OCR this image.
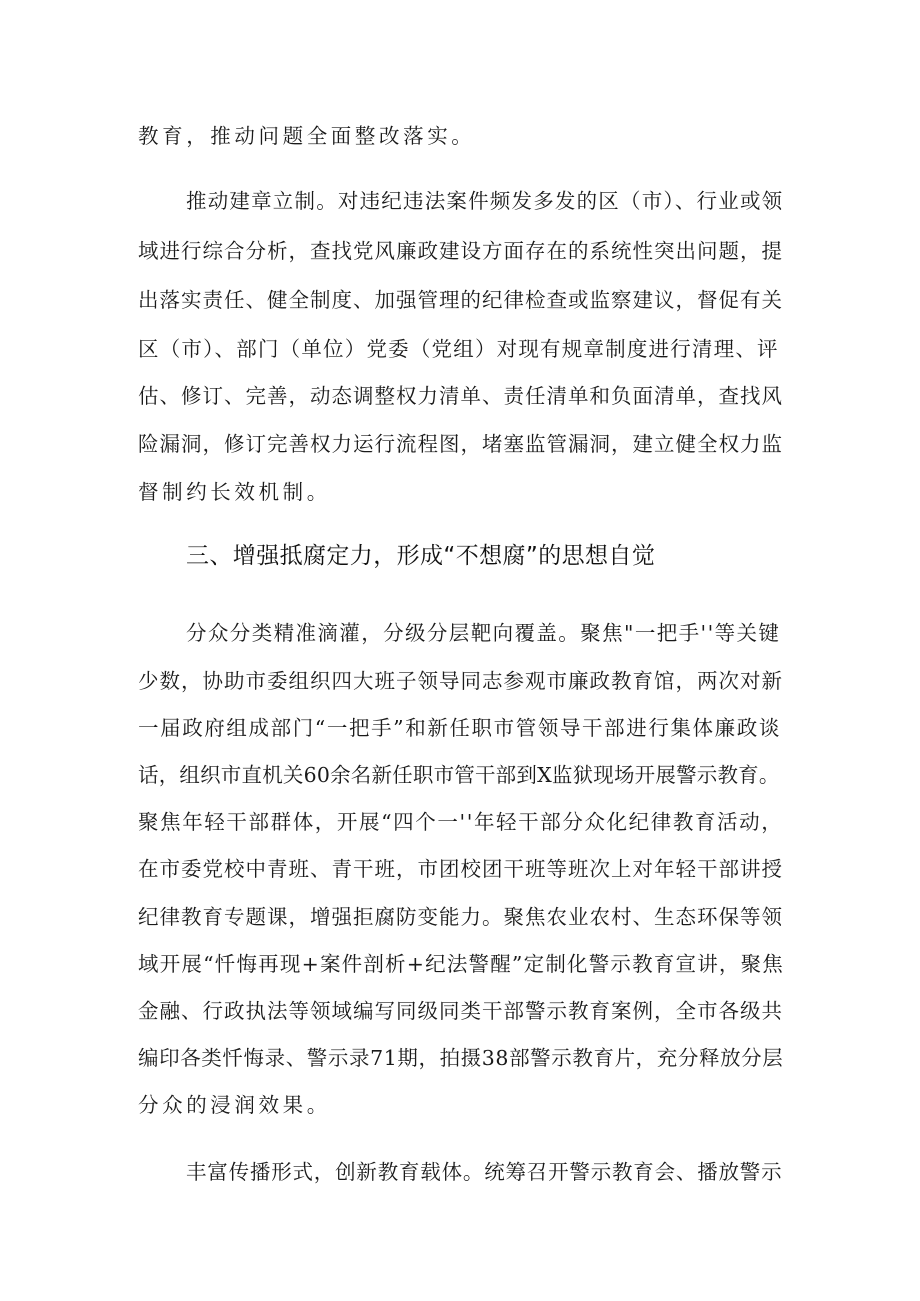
教育，推动问题全面整改落实。
推动建章立制。对违纪违法案件频发多发的区（市）、行业或领
域进行综合分析，查找党风廉政建设方面存在的系统性突出问题，提
出落实责任、健全制度、加强管理的纪律检查或监察建议，督促有关
区（市）、部门（单位）党委（党组）对现有规章制度进行清理、评
估、修订、完善，动态调整权力清单、责任清单和负面清单，查找风
险漏洞，修订完善权力运行流程图，堵塞监管漏洞，建立健全权力监
督制约长效机制。
三、增强抵腐定力，形成“不想腐”的思想自觉
分众分类精准滴灌，分级分层靶向覆盖。聚焦"一把手''等关键
少数，协助市委组织四大班子领导同志参观市廉政教育馆，两次对新
一届政府组成部门“一把手”和新任职市管领导干部进行集体廉政谈
话，组织市直机关60余名新任职市管干部到X监狱现场开展警示教育。
聚焦年轻干部群体，开展“四个一''年轻干部分众化纪律教育活动，
在市委党校中青班、青干班，市团校团干班等班次上对年轻干部讲授
纪律教育专题课，增强拒腐防变能力。聚焦农业农村、生态环保等领
域开展“忏悔再现+案件剖析+纪法警醒”定制化警示教育宣讲，聚焦
金融、行政执法等领域编写同级同类干部警示教育案例，全市各级共
编印各类忏悔录、警示录71期，拍摄38部警示教育片，充分释放分层
分众的浸润效果。
丰富传播形式，创新教育载体。统筹召开警示教育会、播放警示
